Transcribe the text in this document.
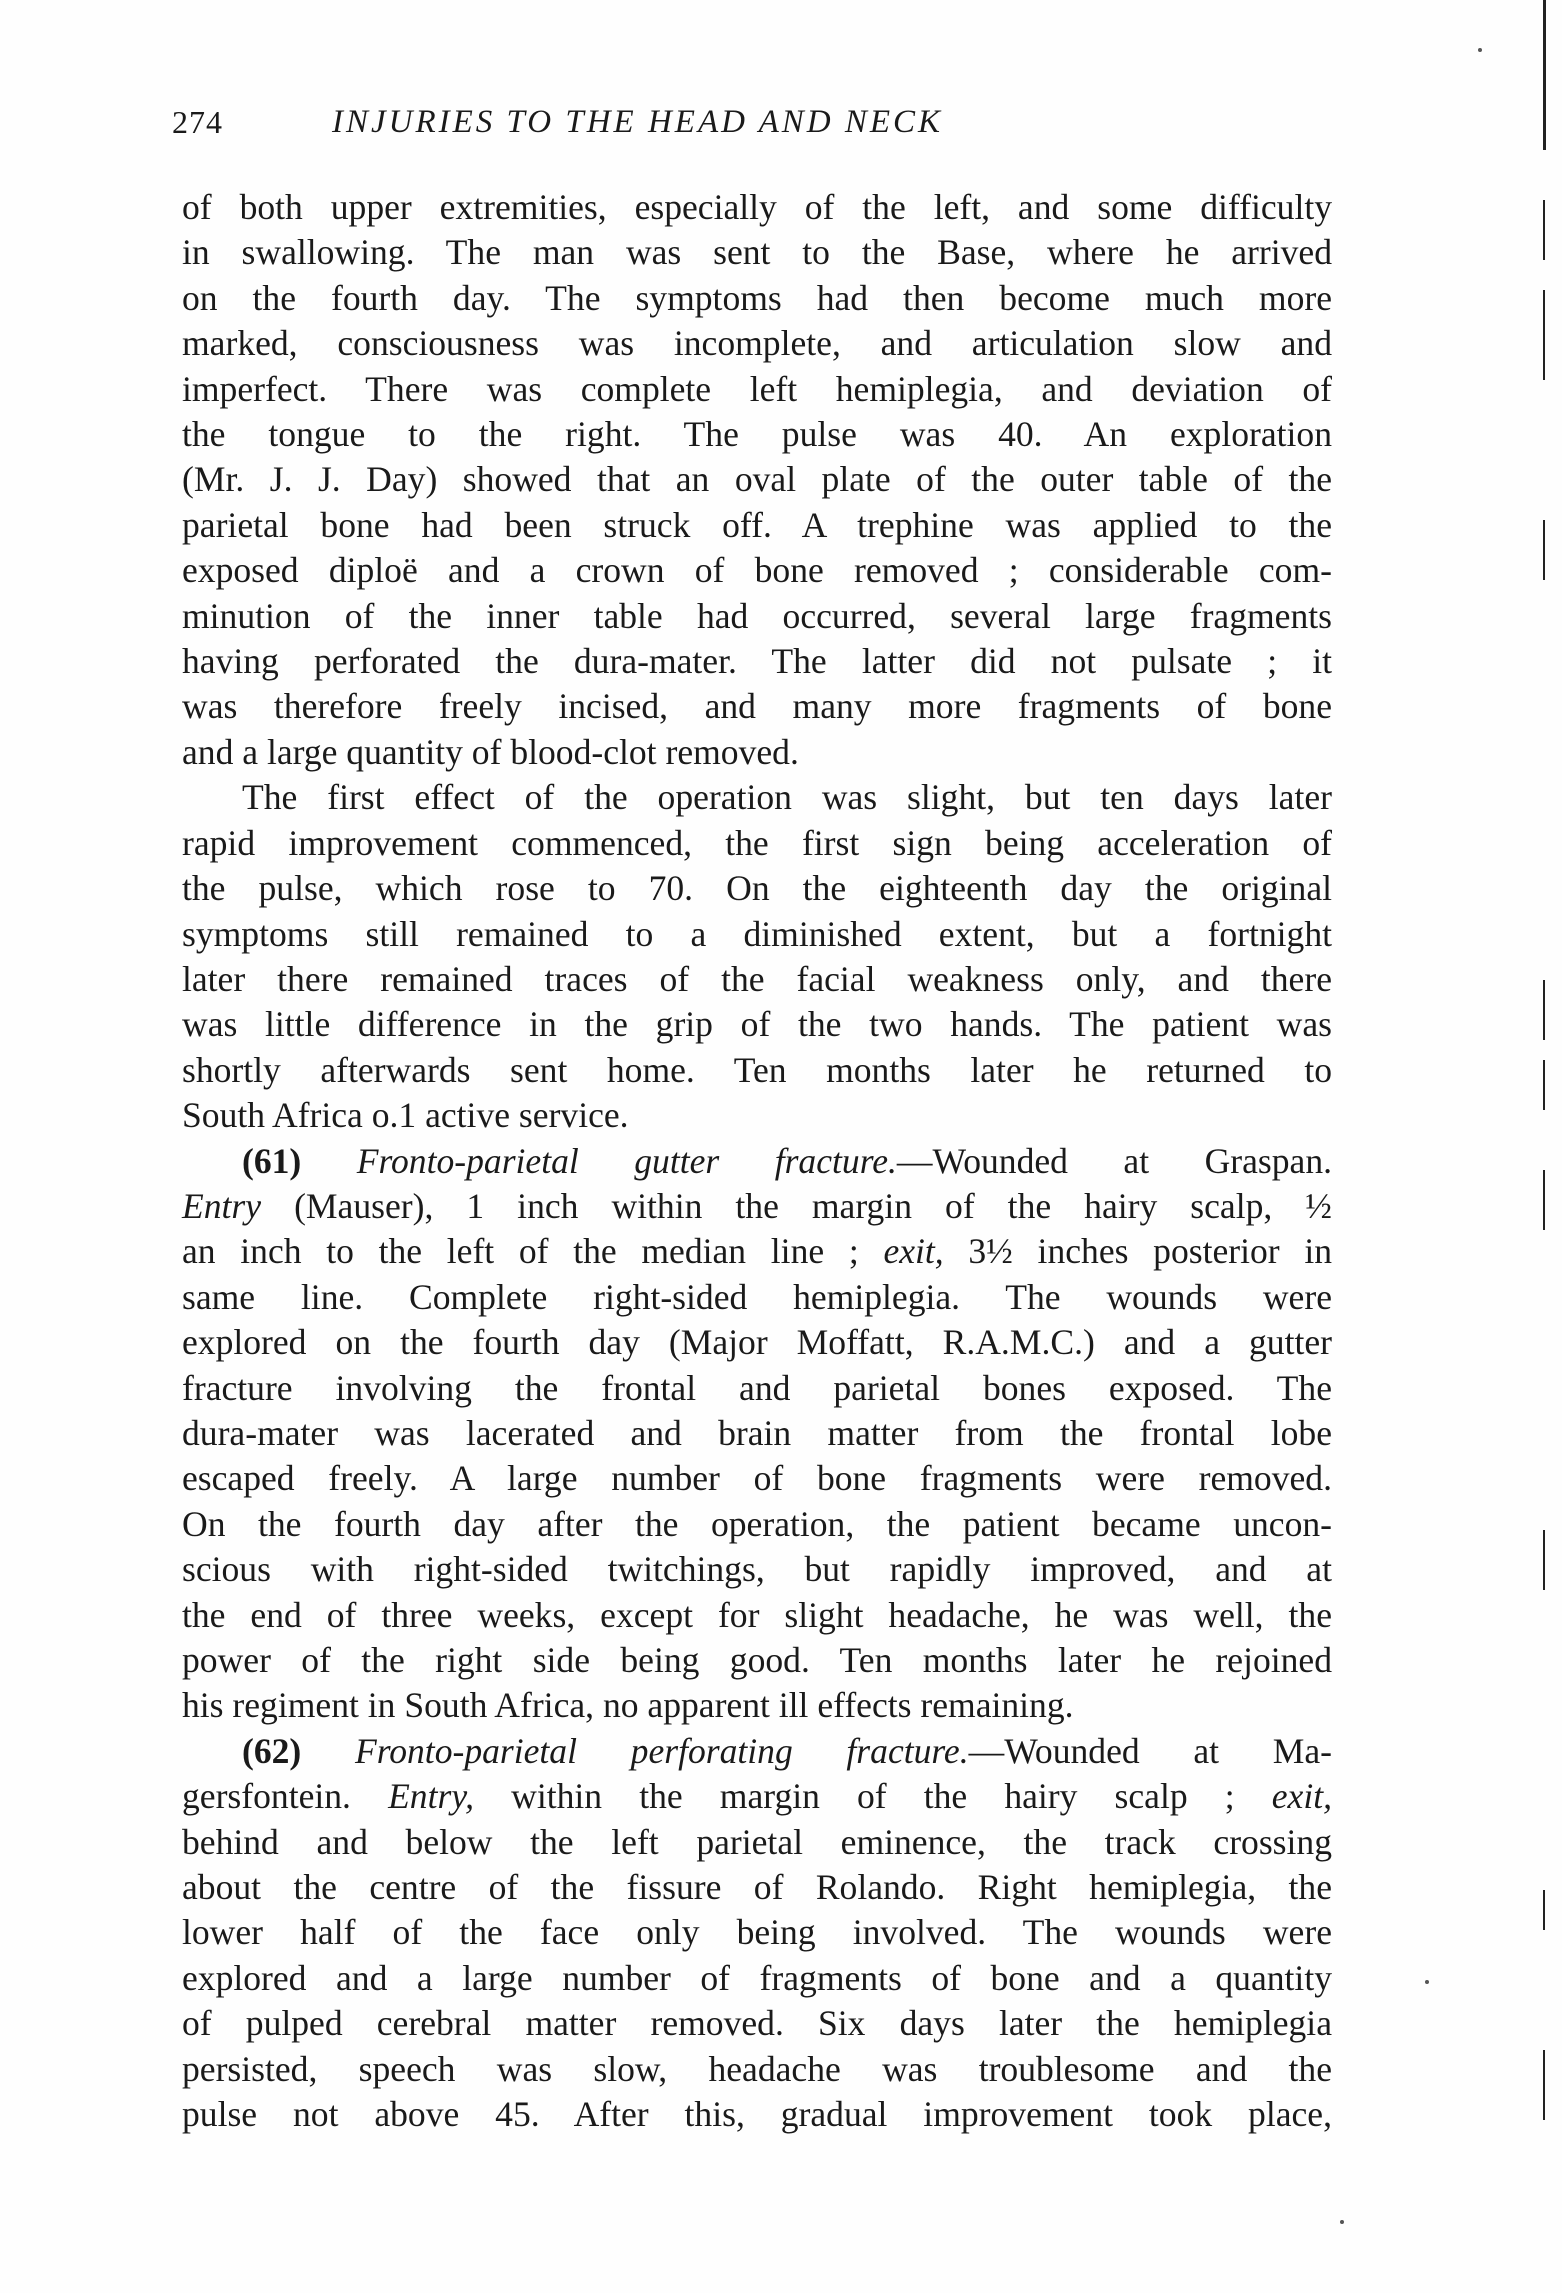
274	INJURIES TO THE HEAD AND NECK
of both upper extremities, especially of the left, and some difficulty
in swallowing. The man was sent to the Base, where he arrived
on the fourth day. The symptoms had then become much more
marked, consciousness was incomplete, and articulation slow and
imperfect. There was complete left hemiplegia, and deviation of
the tongue to the right. The pulse was 40. An exploration
(Mr. J. J. Day) showed that an oval plate of the outer table of the
parietal bone had been struck off. A trephine was applied to the
exposed diploë and a crown of bone removed ; considerable com-
minution of the inner table had occurred, several large fragments
having perforated the dura-mater. The latter did not pulsate ; it
was therefore freely incised, and many more fragments of bone
and a large quantity of blood-clot removed.
The first effect of the operation was slight, but ten days later
rapid improvement commenced, the first sign being acceleration of
the pulse, which rose to 70. On the eighteenth day the original
symptoms still remained to a diminished extent, but a fortnight
later there remained traces of the facial weakness only, and there
was little difference in the grip of the two hands. The patient was
shortly afterwards sent home. Ten months later he returned to
South Africa o.1 active service.
(61) Fronto-parietal gutter fracture.—Wounded at Graspan.
Entry (Mauser), 1 inch within the margin of the hairy scalp, ½
an inch to the left of the median line ; exit, 3½ inches posterior in
same line. Complete right-sided hemiplegia. The wounds were
explored on the fourth day (Major Moffatt, R.A.M.C.) and a gutter
fracture involving the frontal and parietal bones exposed. The
dura-mater was lacerated and brain matter from the frontal lobe
escaped freely. A large number of bone fragments were removed.
On the fourth day after the operation, the patient became uncon-
scious with right-sided twitchings, but rapidly improved, and at
the end of three weeks, except for slight headache, he was well, the
power of the right side being good. Ten months later he rejoined
his regiment in South Africa, no apparent ill effects remaining.
(62) Fronto-parietal perforating fracture.—Wounded at Ma-
gersfontein. Entry, within the margin of the hairy scalp ; exit,
behind and below the left parietal eminence, the track crossing
about the centre of the fissure of Rolando. Right hemiplegia, the
lower half of the face only being involved. The wounds were
explored and a large number of fragments of bone and a quantity
of pulped cerebral matter removed. Six days later the hemiplegia
persisted, speech was slow, headache was troublesome and the
pulse not above 45. After this, gradual improvement took place,
